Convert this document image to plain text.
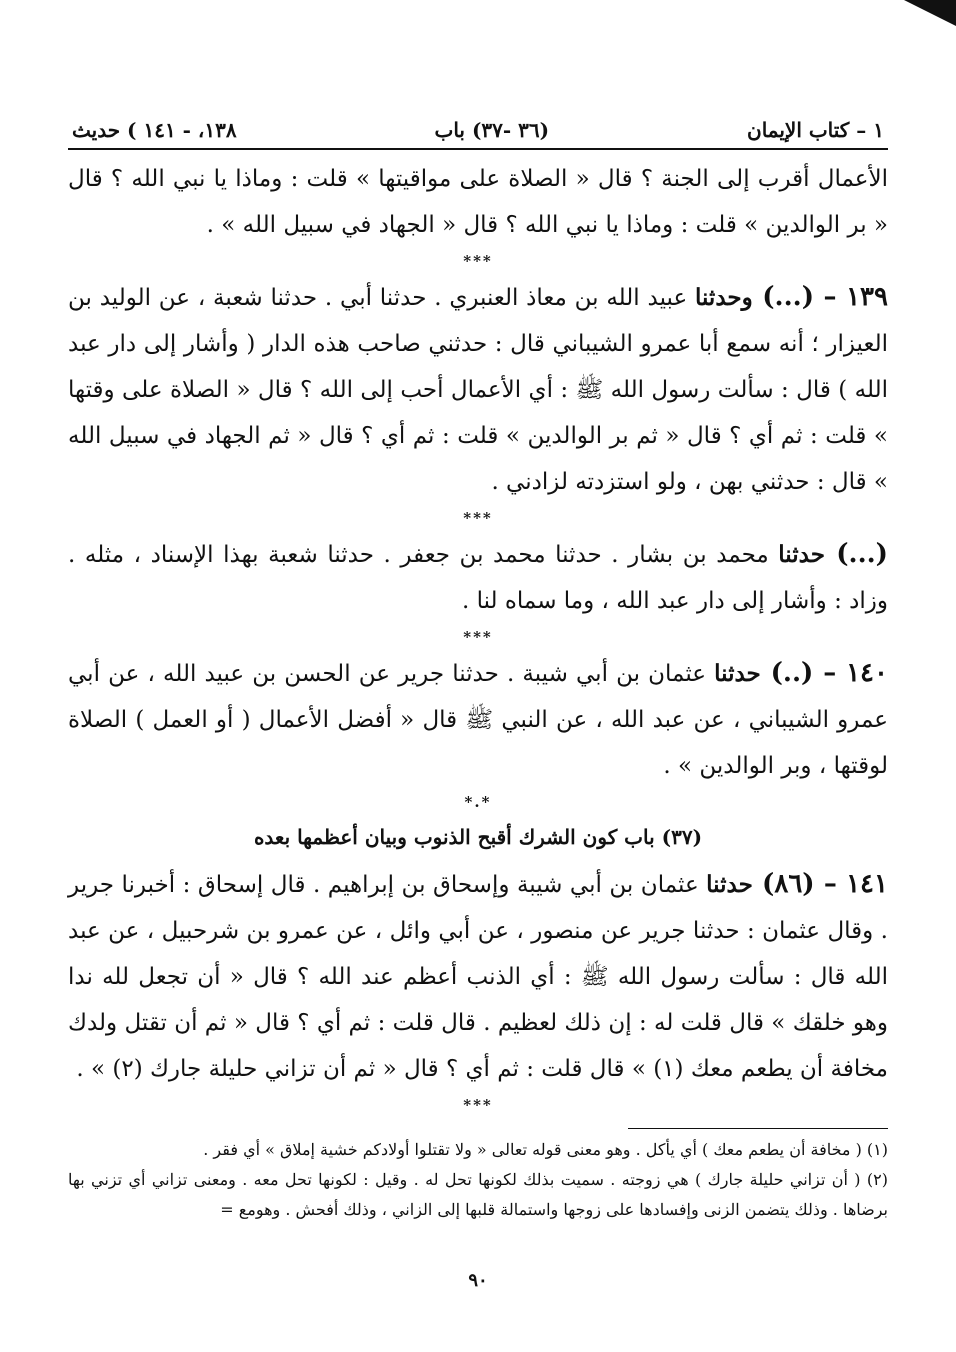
١ – كتاب الإيمان
(٣٦ -٣٧) باب
١٣٨، - ١٤١ ) حديث

الأعمال أقرب إلى الجنة ؟ قال « الصلاة على مواقيتها » قلت : وماذا يا نبي الله ؟ قال « بر الوالدين » قلت : وماذا يا نبي الله ؟ قال « الجهاد في سبيل الله » .

***

١٣٩ – (...) وحدثنا عبيد الله بن معاذ العنبري . حدثنا أبي . حدثنا شعبة ، عن الوليد بن العيزار ؛ أنه سمع أبا عمرو الشيباني قال : حدثني صاحب هذه الدار ( وأشار إلى دار عبد الله ) قال : سألت رسول الله ﷺ : أي الأعمال أحب إلى الله ؟ قال « الصلاة على وقتها » قلت : ثم أي ؟ قال « ثم بر الوالدين » قلت : ثم أي ؟ قال « ثم الجهاد في سبيل الله » قال : حدثني بهن ، ولو استزدته لزادني .

***

(...) حدثنا محمد بن بشار . حدثنا محمد بن جعفر . حدثنا شعبة بهذا الإسناد ، مثله . وزاد : وأشار إلى دار عبد الله ، وما سماه لنا .

***

١٤٠ – (..) حدثنا عثمان بن أبي شيبة . حدثنا جرير عن الحسن بن عبيد الله ، عن أبي عمرو الشيباني ، عن عبد الله ، عن النبي ﷺ قال « أفضل الأعمال ( أو العمل ) الصلاة لوقتها ، وبر الوالدين » .

*.*
(٣٧) باب كون الشرك أقبح الذنوب وبيان أعظمها بعده

١٤١ – (٨٦) حدثنا عثمان بن أبي شيبة وإسحاق بن إبراهيم . قال إسحاق : أخبرنا جرير . وقال عثمان : حدثنا جرير عن منصور ، عن أبي وائل ، عن عمرو بن شرحبيل ، عن عبد الله قال : سألت رسول الله ﷺ : أي الذنب أعظم عند الله ؟ قال « أن تجعل لله ندا وهو خلقك » قال قلت له : إن ذلك لعظيم . قال قلت : ثم أي ؟ قال « ثم أن تقتل ولدك مخافة أن يطعم معك (١) » قال قلت : ثم أي ؟ قال « ثم أن تزاني حليلة جارك (٢) » .

***

(١) ( مخافة أن يطعم معك ) أي يأكل . وهو معنى قوله تعالى « ولا تقتلوا أولادكم خشية إملاق » أي فقر .

(٢) ( أن تزاني حليلة جارك ) هي زوجته . سميت بذلك لكونها تحل له . وقيل : لكونها تحل معه . ومعنى تزاني أي تزني بها برضاها . وذلك يتضمن الزنى وإفسادها على زوجها واستمالة قلبها إلى الزاني ، وذلك أفحش . وهومع =

٩٠
